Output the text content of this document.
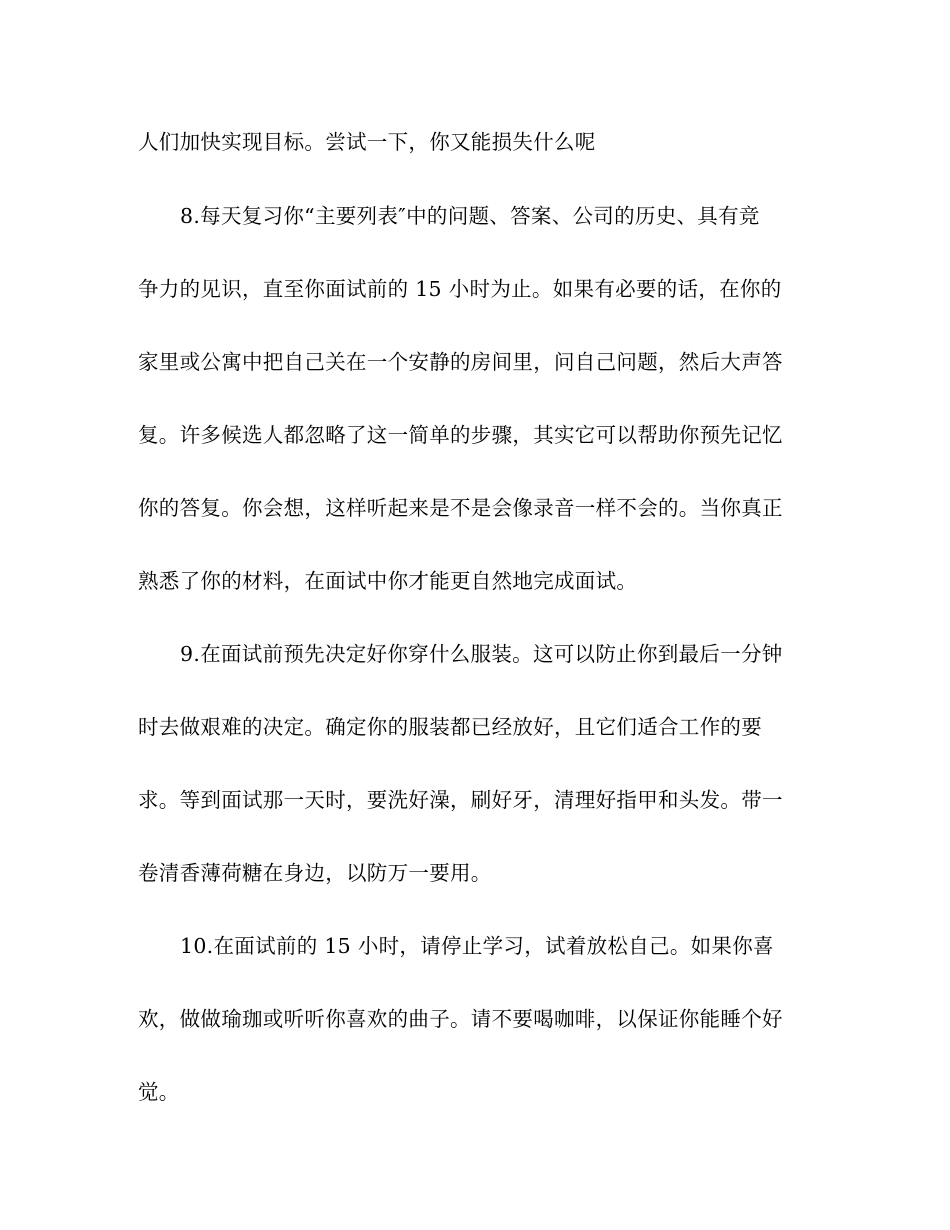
人们加快实现目标。尝试一下，你又能损失什么呢
8.每天复习你“主要列表″中的问题、答案、公司的历史、具有竞
争力的见识，直至你面试前的 15 小时为止。如果有必要的话，在你的
家里或公寓中把自己关在一个安静的房间里，问自己问题，然后大声答
复。许多候选人都忽略了这一简单的步骤，其实它可以帮助你预先记忆
你的答复。你会想，这样听起来是不是会像录音一样不会的。当你真正
熟悉了你的材料，在面试中你才能更自然地完成面试。
9.在面试前预先决定好你穿什么服装。这可以防止你到最后一分钟
时去做艰难的决定。确定你的服装都已经放好，且它们适合工作的要
求。等到面试那一天时，要洗好澡，刷好牙，清理好指甲和头发。带一
卷清香薄荷糖在身边，以防万一要用。
10.在面试前的 15 小时，请停止学习，试着放松自己。如果你喜
欢，做做瑜珈或听听你喜欢的曲子。请不要喝咖啡，以保证你能睡个好
觉。
